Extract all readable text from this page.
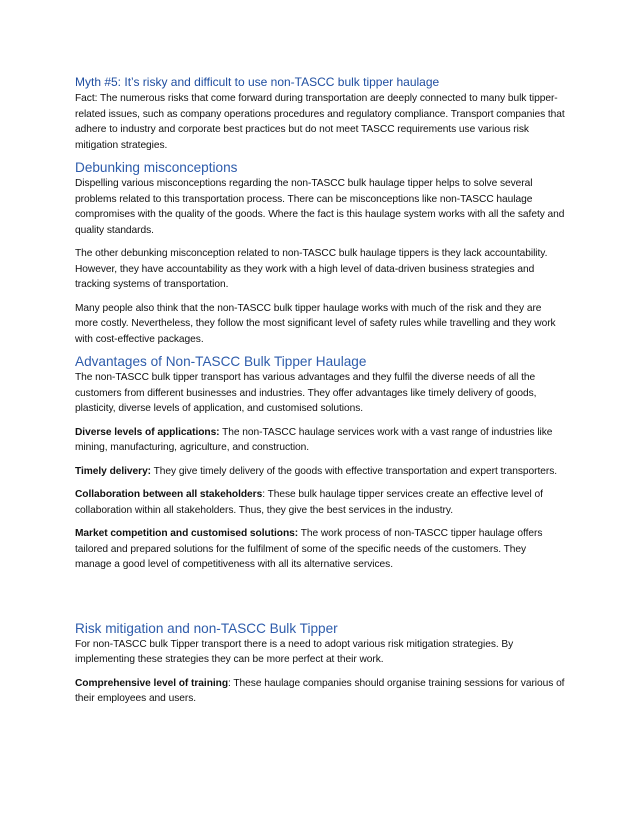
Myth #5: It’s risky and difficult to use non-TASCC bulk tipper haulage

Fact: The numerous risks that come forward during transportation are deeply connected to many bulk tipper-related issues, such as company operations procedures and regulatory compliance. Transport companies that adhere to industry and corporate best practices but do not meet TASCC requirements use various risk mitigation strategies.

Debunking misconceptions

Dispelling various misconceptions regarding the non-TASCC bulk haulage tipper helps to solve several problems related to this transportation process. There can be misconceptions like non-TASCC haulage compromises with the quality of the goods. Where the fact is this haulage system works with all the safety and quality standards.

The other debunking misconception related to non-TASCC bulk haulage tippers is they lack accountability. However, they have accountability as they work with a high level of data-driven business strategies and tracking systems of transportation.

Many people also think that the non-TASCC bulk tipper haulage works with much of the risk and they are more costly. Nevertheless, they follow the most significant level of safety rules while travelling and they work with cost-effective packages.

Advantages of Non-TASCC Bulk Tipper Haulage

The non-TASCC bulk tipper transport has various advantages and they fulfil the diverse needs of all the customers from different businesses and industries. They offer advantages like timely delivery of goods, plasticity, diverse levels of application, and customised solutions.

Diverse levels of applications: The non-TASCC haulage services work with a vast range of industries like mining, manufacturing, agriculture, and construction.

Timely delivery: They give timely delivery of the goods with effective transportation and expert transporters.

Collaboration between all stakeholders: These bulk haulage tipper services create an effective level of collaboration within all stakeholders. Thus, they give the best services in the industry.

Market competition and customised solutions: The work process of non-TASCC tipper haulage offers tailored and prepared solutions for the fulfilment of some of the specific needs of the customers. They manage a good level of competitiveness with all its alternative services.

Risk mitigation and non-TASCC Bulk Tipper

For non-TASCC bulk Tipper transport there is a need to adopt various risk mitigation strategies. By implementing these strategies they can be more perfect at their work.

Comprehensive level of training: These haulage companies should organise training sessions for various of their employees and users.
